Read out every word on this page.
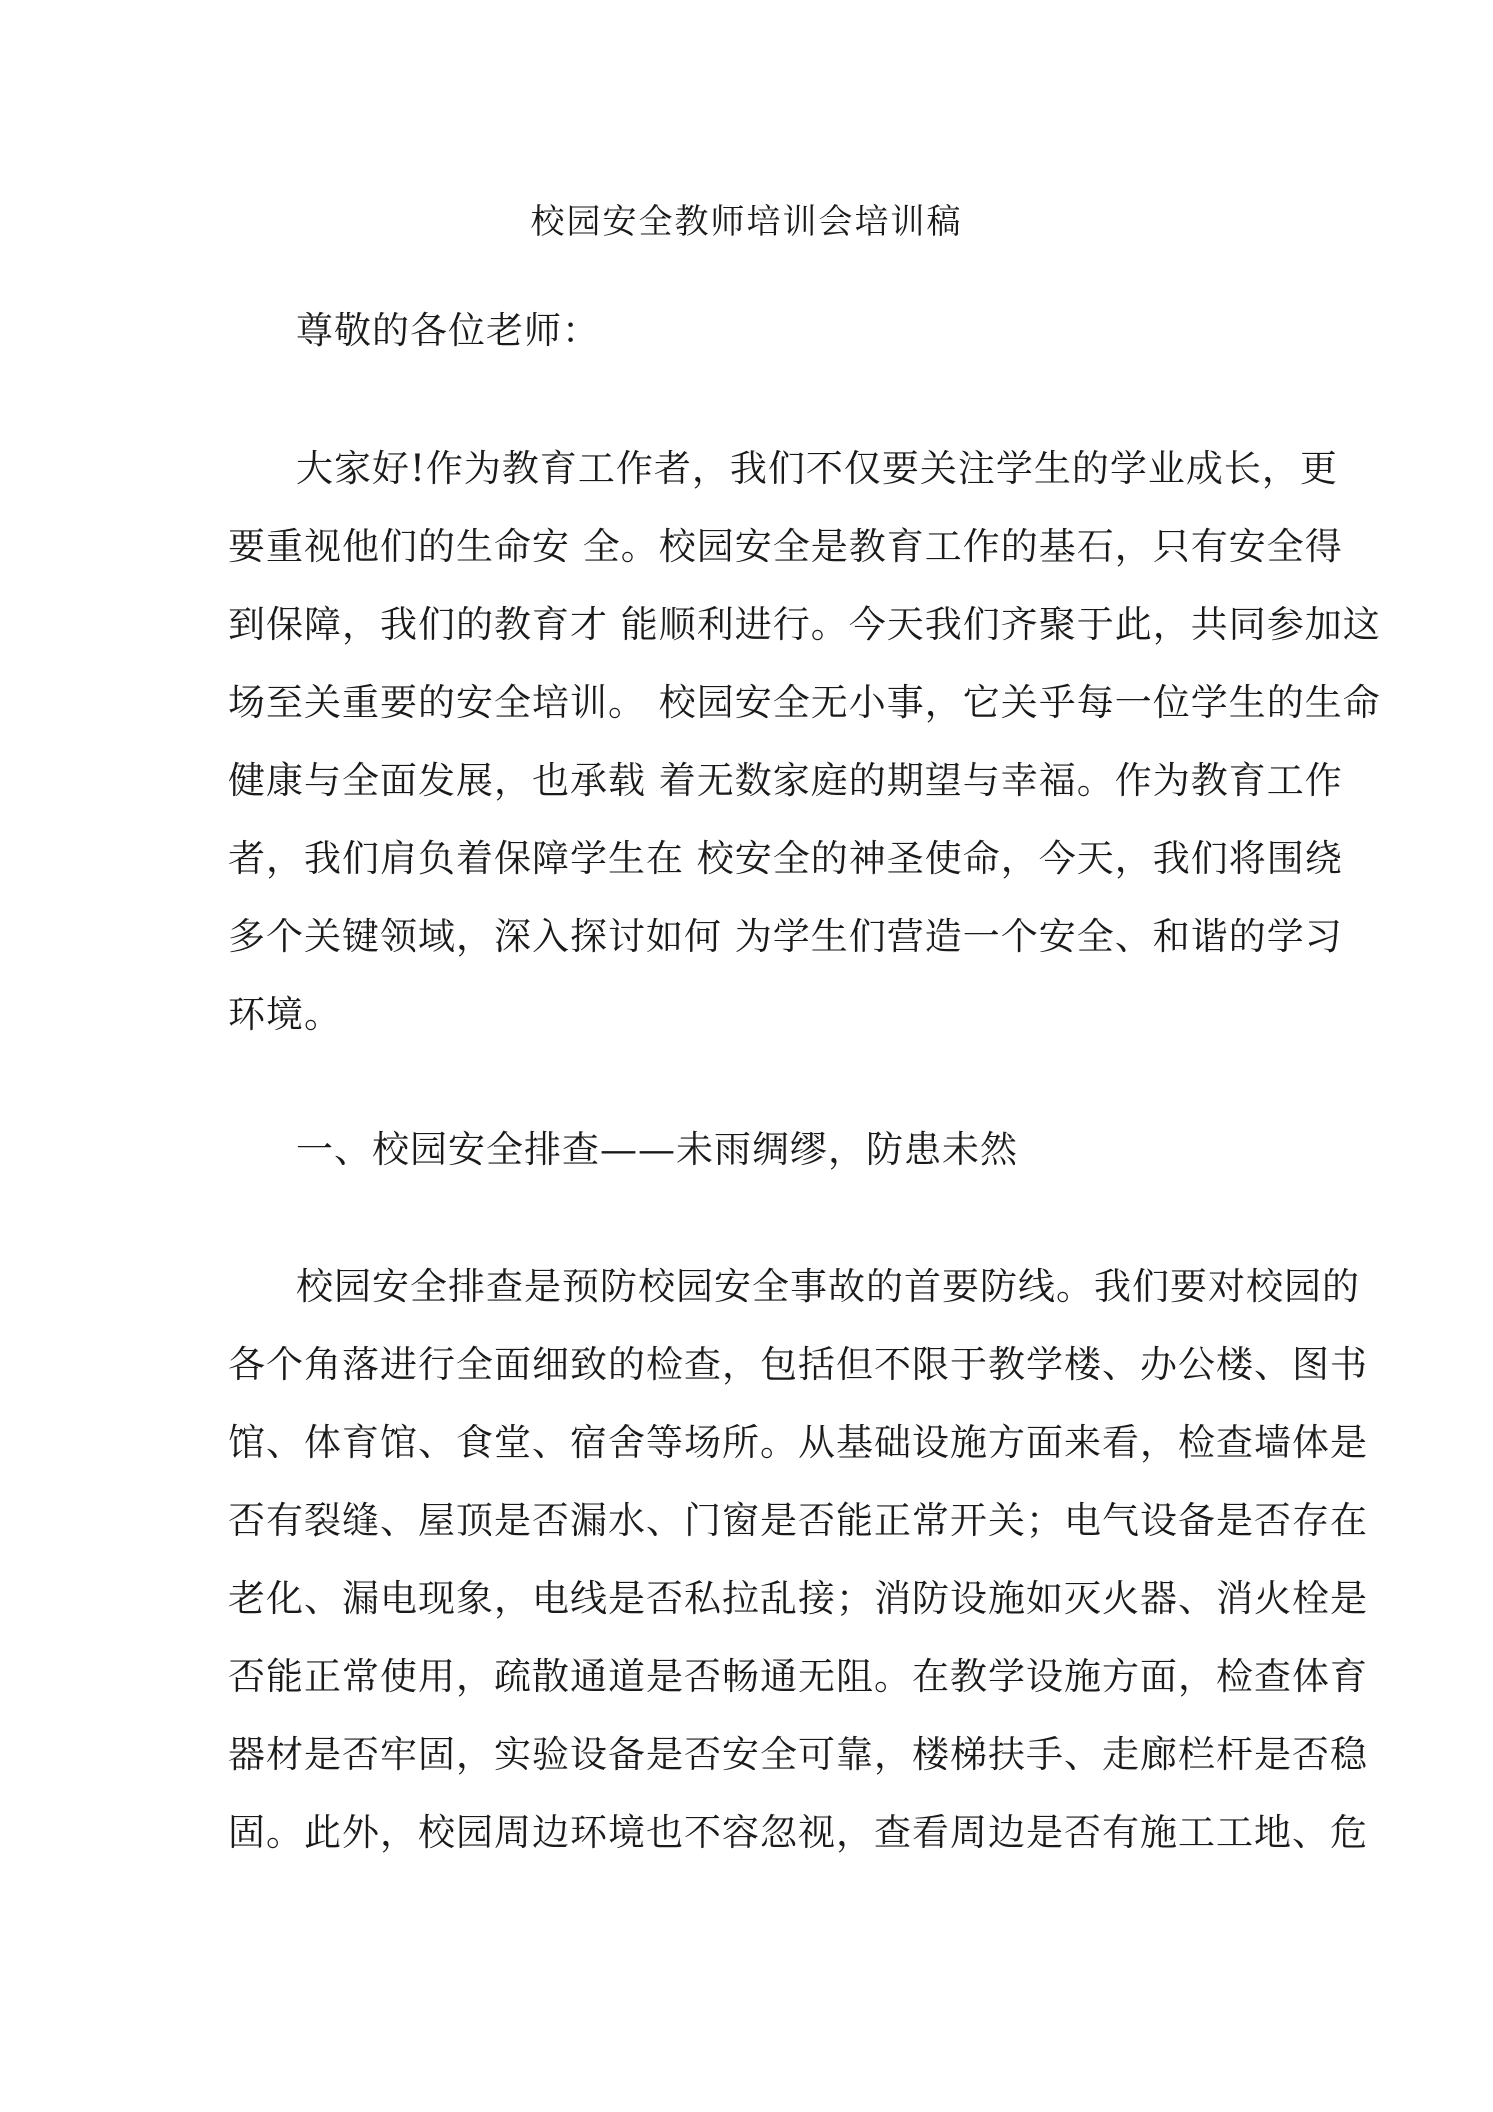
校园安全教师培训会培训稿
尊敬的各位老师：
大家好!作为教育工作者，我们不仅要关注学生的学业成长，更
要重视他们的生命安 全。校园安全是教育工作的基石，只有安全得
到保障，我们的教育才 能顺利进行。今天我们齐聚于此，共同参加这
场至关重要的安全培训。 校园安全无小事，它关乎每一位学生的生命
健康与全面发展，也承载 着无数家庭的期望与幸福。作为教育工作
者，我们肩负着保障学生在 校安全的神圣使命，今天，我们将围绕
多个关键领域，深入探讨如何 为学生们营造一个安全、和谐的学习
环境。
一、校园安全排查——未雨绸缪，防患未然
校园安全排查是预防校园安全事故的首要防线。我们要对校园的
各个角落进行全面细致的检查，包括但不限于教学楼、办公楼、图书
馆、体育馆、食堂、宿舍等场所。从基础设施方面来看，检查墙体是
否有裂缝、屋顶是否漏水、门窗是否能正常开关；电气设备是否存在
老化、漏电现象，电线是否私拉乱接；消防设施如灭火器、消火栓是
否能正常使用，疏散通道是否畅通无阻。在教学设施方面，检查体育
器材是否牢固，实验设备是否安全可靠，楼梯扶手、走廊栏杆是否稳
固。此外，校园周边环境也不容忽视，查看周边是否有施工工地、危
